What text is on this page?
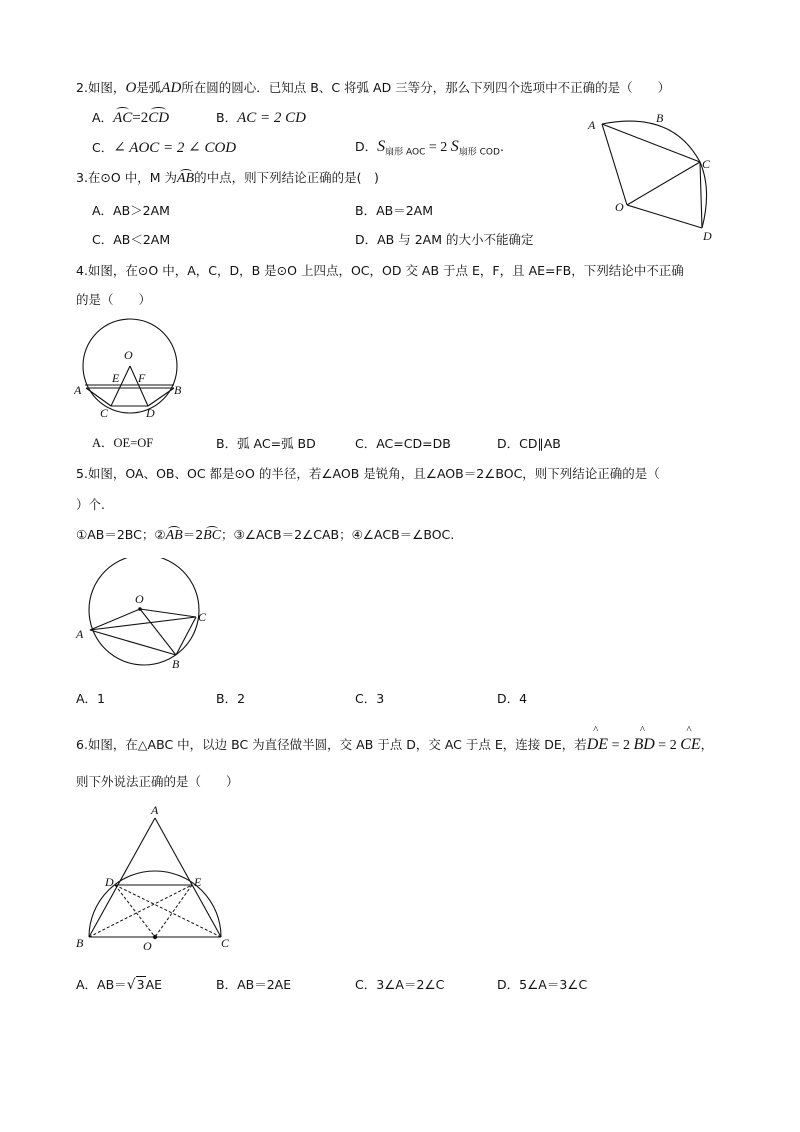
2.如图，O是弧AD所在圆的圆心．已知点 B、C 将弧 AD 三等分，那么下列四个选项中不正确的是（　　）
A．AC=2CD	B．AC = 2 CD
C．∠ AOC = 2 ∠ COD	D．$S_{扇形 AOC} = 2$ $S_{扇形 COD}$.
A	B
C
O
D
3.在⊙O 中，M 为AB的中点，则下列结论正确的是(　)
A．AB＞2AM	B．AB＝2AM
C．AB＜2AM	D．AB 与 2AM 的大小不能确定
4.如图，在⊙O 中，A，C，D，B 是⊙O 上四点，OC，OD 交 AB 于点 E，F，且 AE=FB，下列结论中不正确
的是（　　）
O
E F
A	B
C	D
A．OE=OF	B．弧 AC=弧 BD	C．AC=CD=DB	D．CD∥AB
5.如图，OA、OB、OC 都是⊙O 的半径，若∠AOB 是锐角，且∠AOB＝2∠BOC，则下列结论正确的是（
）个.
①AB＝2BC；②AB＝2BC；③∠ACB＝2∠CAB；④∠ACB＝∠BOC.
O
C
A
B
A．1	B．2	C．3	D．4
6.如图，在△ABC 中，以边 BC 为直径做半圆，交 AB 于点 D，交 AC 于点 E，连接 DE，若^ DE = 2 ^ BD = 2 ^ CE，
则下外说法正确的是（　　）
A
D	E
B	O	C
A．AB＝√3AE	B．AB＝2AE	C．3∠A＝2∠C	D．5∠A＝3∠C
